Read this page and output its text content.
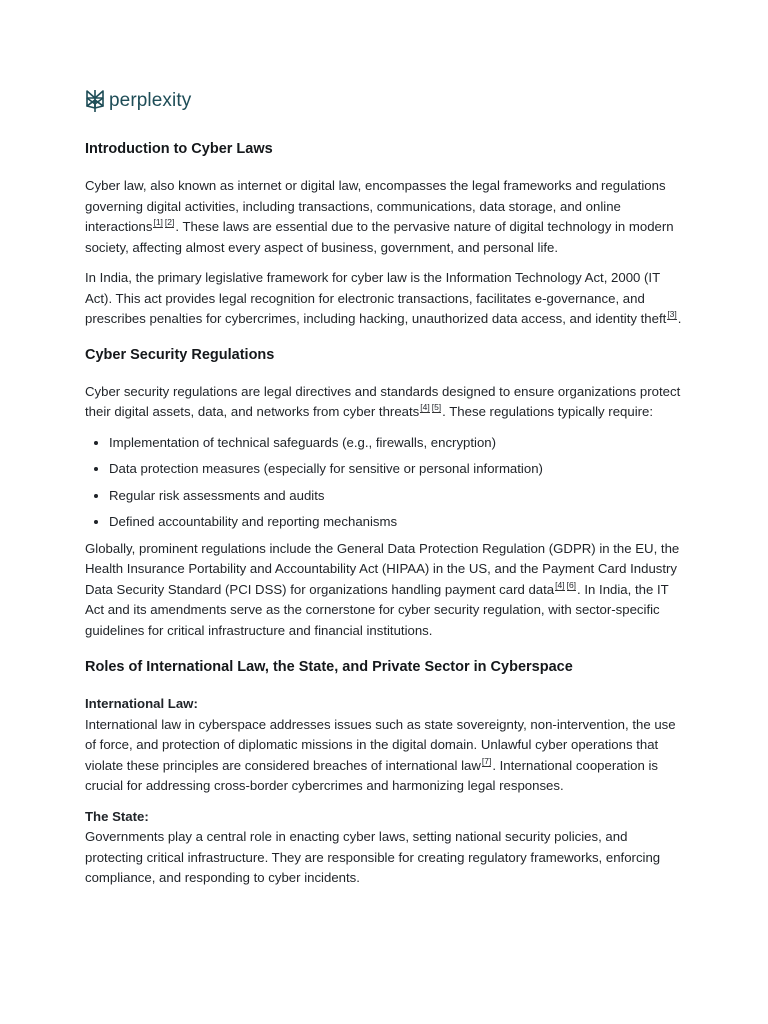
perplexity
Introduction to Cyber Laws

Cyber law, also known as internet or digital law, encompasses the legal frameworks and regulations governing digital activities, including transactions, communications, data storage, and online interactions[1] [2]. These laws are essential due to the pervasive nature of digital technology in modern society, affecting almost every aspect of business, government, and personal life.

In India, the primary legislative framework for cyber law is the Information Technology Act, 2000 (IT Act). This act provides legal recognition for electronic transactions, facilitates e-governance, and prescribes penalties for cybercrimes, including hacking, unauthorized data access, and identity theft[3].

Cyber Security Regulations

Cyber security regulations are legal directives and standards designed to ensure organizations protect their digital assets, data, and networks from cyber threats[4] [5]. These regulations typically require:

• Implementation of technical safeguards (e.g., firewalls, encryption)
• Data protection measures (especially for sensitive or personal information)
• Regular risk assessments and audits
• Defined accountability and reporting mechanisms

Globally, prominent regulations include the General Data Protection Regulation (GDPR) in the EU, the Health Insurance Portability and Accountability Act (HIPAA) in the US, and the Payment Card Industry Data Security Standard (PCI DSS) for organizations handling payment card data[4] [6]. In India, the IT Act and its amendments serve as the cornerstone for cyber security regulation, with sector-specific guidelines for critical infrastructure and financial institutions.

Roles of International Law, the State, and Private Sector in Cyberspace

International Law:
International law in cyberspace addresses issues such as state sovereignty, non-intervention, the use of force, and protection of diplomatic missions in the digital domain. Unlawful cyber operations that violate these principles are considered breaches of international law[7]. International cooperation is crucial for addressing cross-border cybercrimes and harmonizing legal responses.

The State:
Governments play a central role in enacting cyber laws, setting national security policies, and protecting critical infrastructure. They are responsible for creating regulatory frameworks, enforcing compliance, and responding to cyber incidents.
